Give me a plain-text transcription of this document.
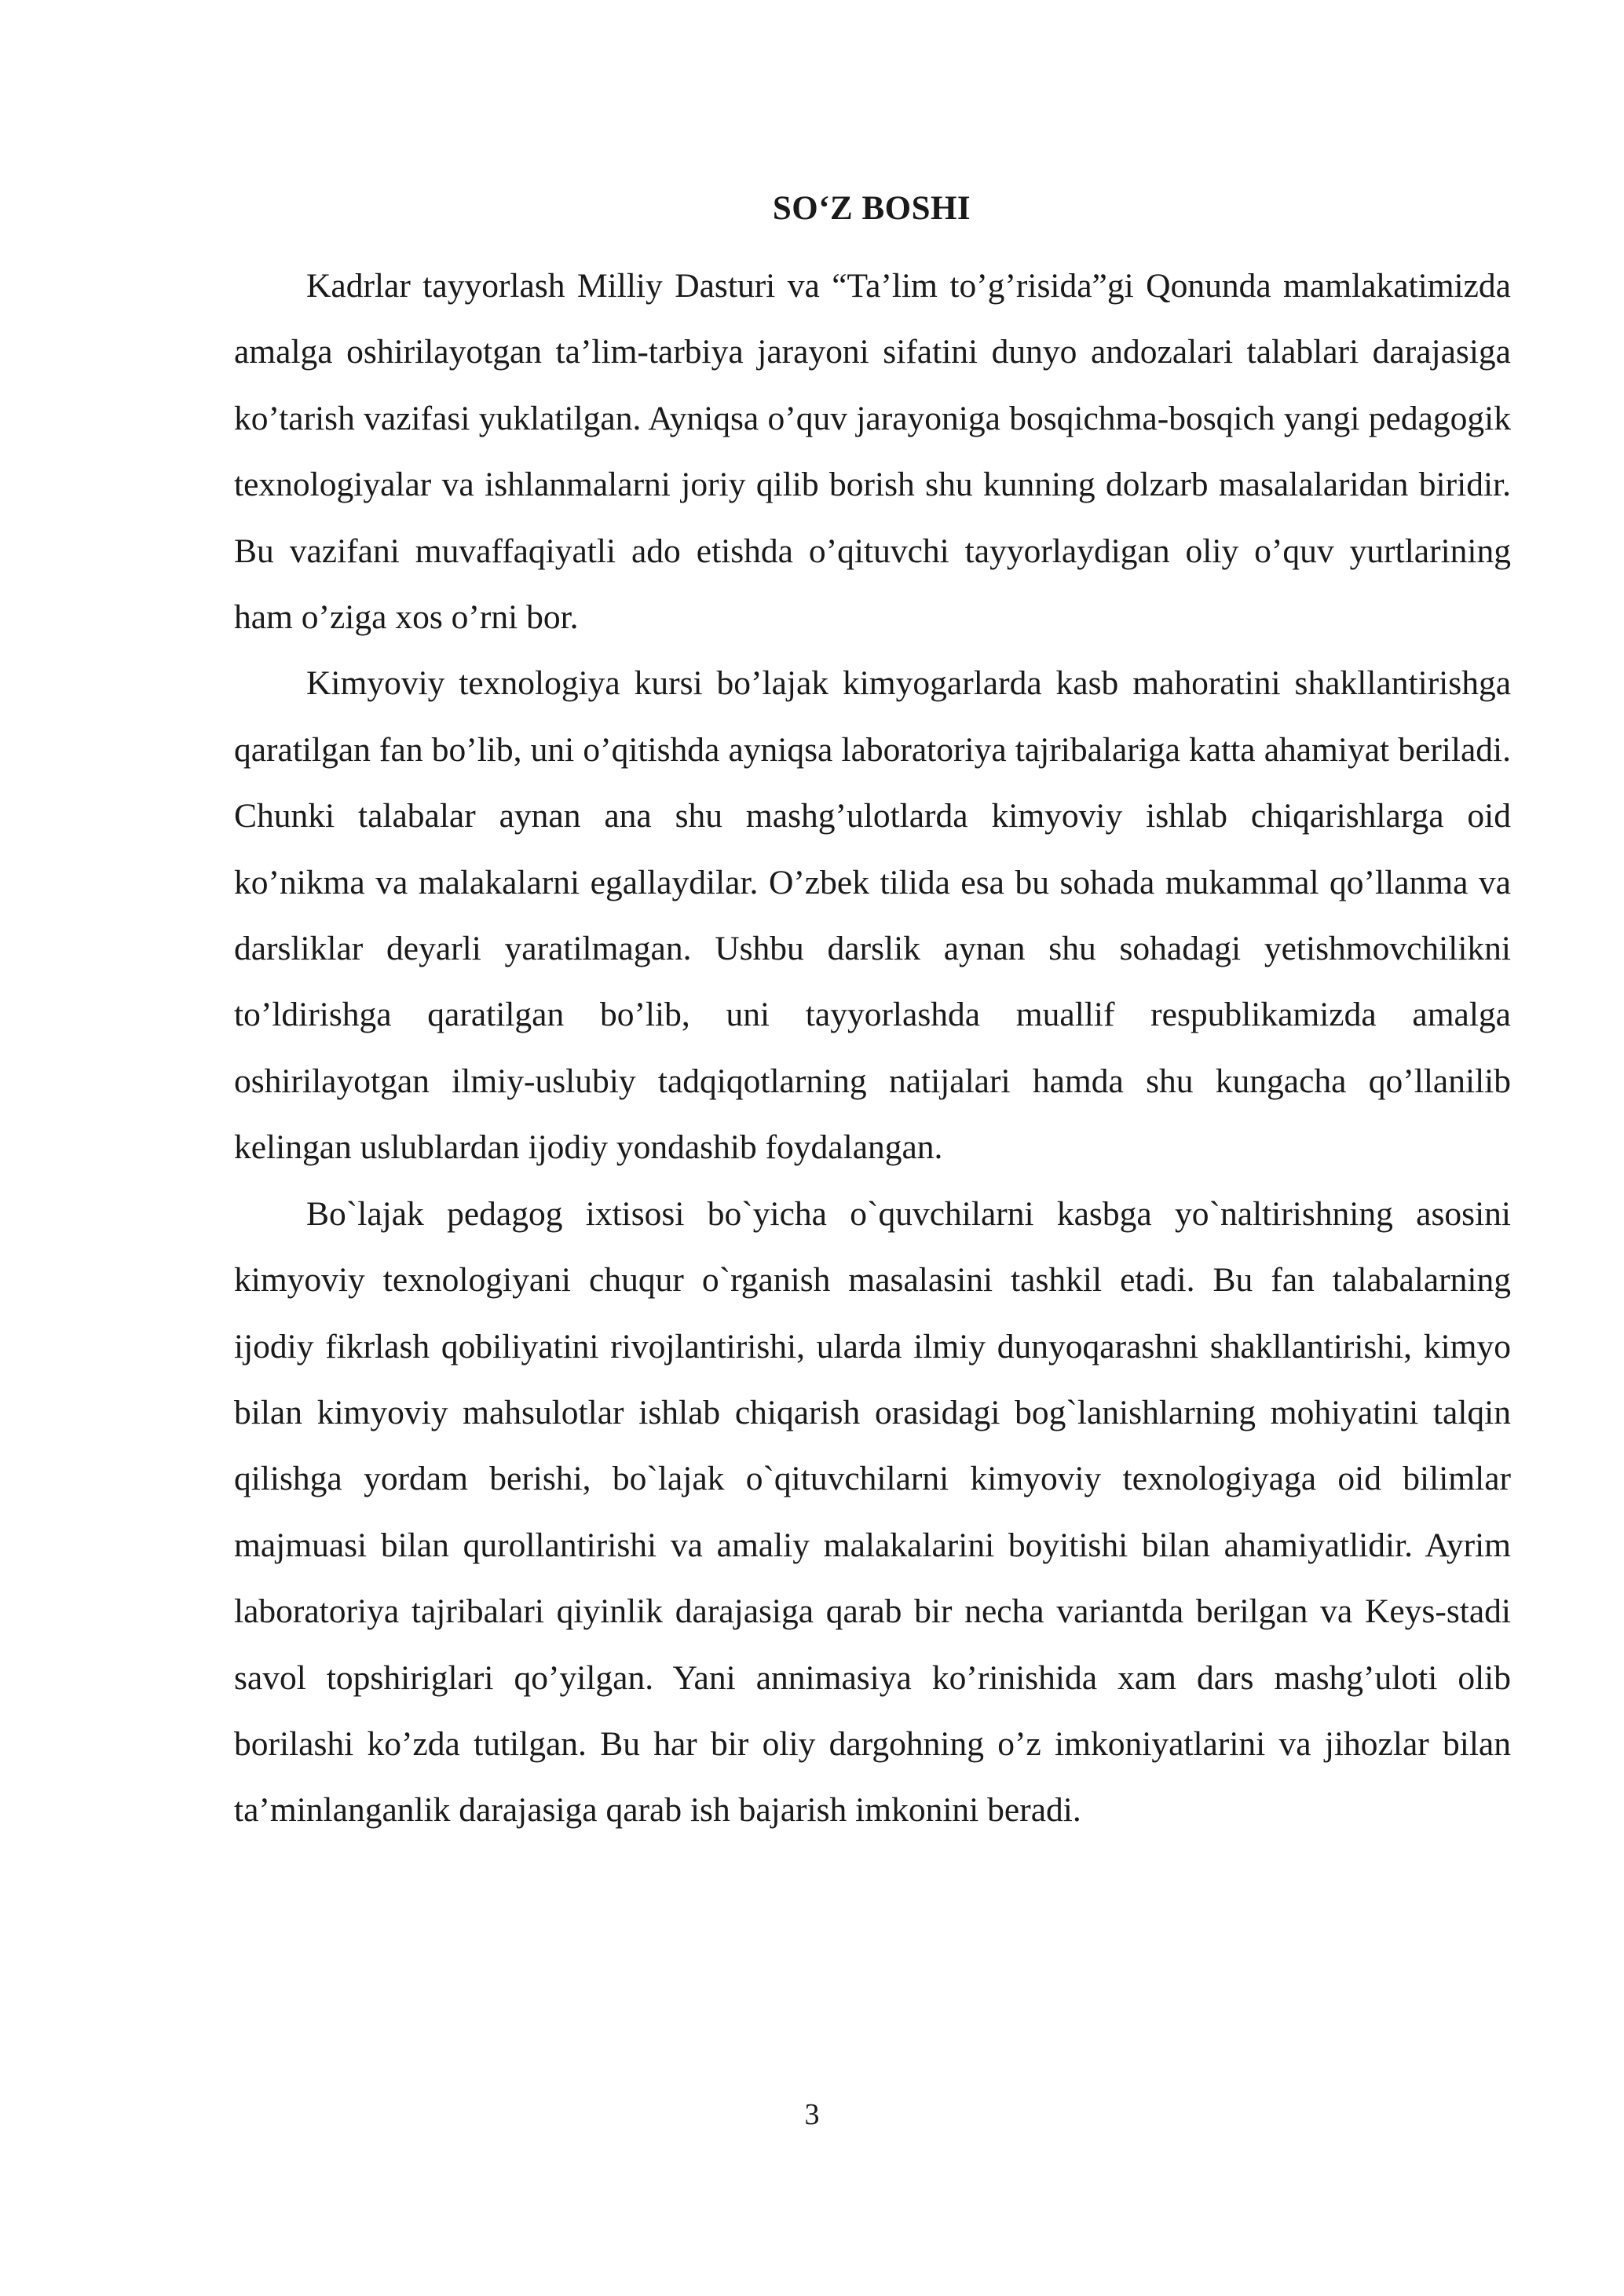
SO‘Z BOSHI

Kadrlar tayyorlash Milliy Dasturi va “Ta’lim to’g’risida”gi Qonunda mamlakatimizda amalga oshirilayotgan ta’lim-tarbiya jarayoni sifatini dunyo andozalari talablari darajasiga ko’tarish vazifasi yuklatilgan. Ayniqsa o’quv jarayoniga bosqichma-bosqich yangi pedagogik texnologiyalar va ishlanmalarni joriy qilib borish shu kunning dolzarb masalalaridan biridir. Bu vazifani muvaffaqiyatli ado etishda o’qituvchi tayyorlaydigan oliy o’quv yurtlarining ham o’ziga xos o’rni bor.

Kimyoviy texnologiya kursi bo’lajak kimyogarlarda kasb mahoratini shakllantirishga qaratilgan fan bo’lib, uni o’qitishda ayniqsa laboratoriya tajribalariga katta ahamiyat beriladi. Chunki talabalar aynan ana shu mashg’ulotlarda kimyoviy ishlab chiqarishlarga oid ko’nikma va malakalarni egallaydilar. O’zbek tilida esa bu sohada mukammal qo’llanma va darsliklar deyarli yaratilmagan. Ushbu darslik aynan shu sohadagi yetishmovchilikni to’ldirishga qaratilgan bo’lib, uni tayyorlashda muallif respublikamizda amalga oshirilayotgan ilmiy-uslubiy tadqiqotlarning natijalari hamda shu kungacha qo’llanilib kelingan uslublardan ijodiy yondashib foydalangan.

Bo`lajak pedagog ixtisosi bo`yicha o`quvchilarni kasbga yo`naltirishning asosini kimyoviy texnologiyani chuqur o`rganish masalasini tashkil etadi. Bu fan talabalarning ijodiy fikrlash qobiliyatini rivojlantirishi, ularda ilmiy dunyoqarashni shakllantirishi, kimyo bilan kimyoviy mahsulotlar ishlab chiqarish orasidagi bog`lanishlarning mohiyatini talqin qilishga yordam berishi, bo`lajak o`qituvchilarni kimyoviy texnologiyaga oid bilimlar majmuasi bilan qurollantirishi va amaliy malakalarini boyitishi bilan ahamiyatlidir. Ayrim laboratoriya tajribalari qiyinlik darajasiga qarab bir necha variantda berilgan va Keys-stadi savol topshiriglari qo’yilgan. Yani annimasiya ko’rinishida xam dars mashg’uloti olib borilashi ko’zda tutilgan. Bu har bir oliy dargohning o’z imkoniyatlarini va jihozlar bilan ta’minlanganlik darajasiga qarab ish bajarish imkonini beradi.

3
